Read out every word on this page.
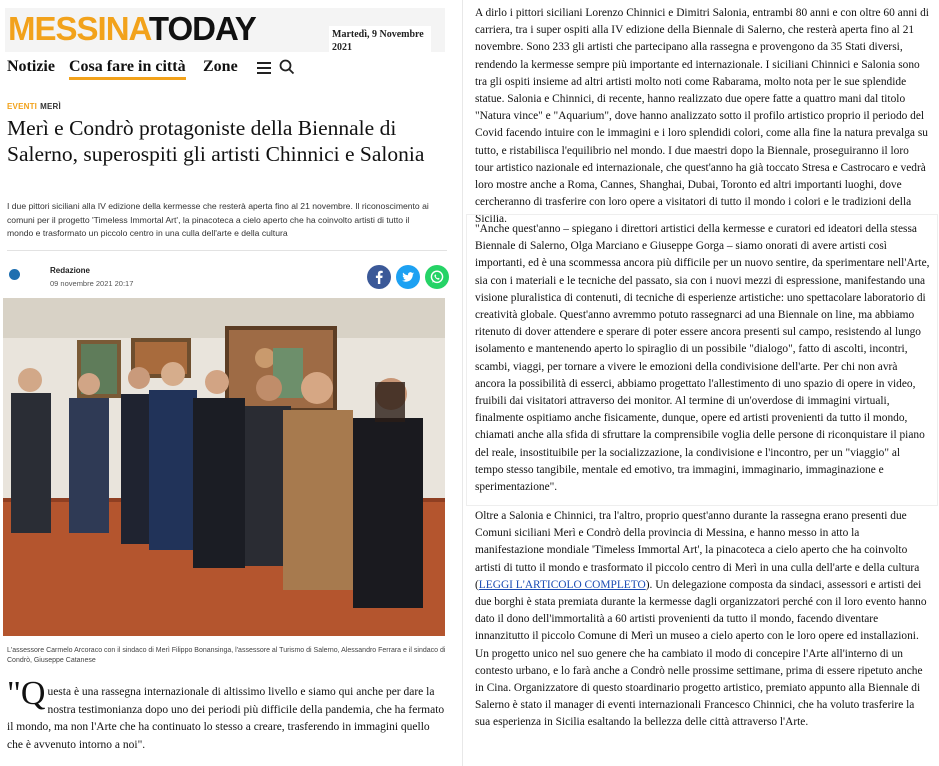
MESSINATODAY	Martedì, 9 Novembre
2021
Notizie Cosa fare in città Zone
EVENTI MERÌ
Merì e Condrò protagoniste della Biennale di Salerno, superospiti gli artisti Chinnici e Salonia
I due pittori siciliani alla IV edizione della kermesse che resterà aperta fino al 21 novembre. Il riconoscimento ai comuni per il progetto 'Timeless Immortal Art', la pinacoteca a cielo aperto che ha coinvolto artisti di tutto il mondo e trasformato un piccolo centro in una culla dell'arte e della cultura
Redazione
09 novembre 2021 20:17
L'assessore Carmelo Arcoraco con il sindaco di Merì Filippo Bonansinga, l'assessore al Turismo di Salerno, Alessandro Ferrara e il sindaco di Condrò, Giuseppe Catanese
"Questa è una rassegna internazionale di altissimo livello e siamo qui anche per dare la nostra testimonianza dopo uno dei periodi più difficile della pandemia, che ha fermato il mondo, ma non l'Arte che ha continuato lo stesso a creare, trasferendo in immagini quello che è avvenuto intorno a noi".

A dirlo i pittori siciliani Lorenzo Chinnici e Dimitri Salonia, entrambi 80 anni e con oltre 60 anni di carriera, tra i super ospiti alla IV edizione della Biennale di Salerno, che resterà aperta fino al 21 novembre. Sono 233 gli artisti che partecipano alla rassegna e provengono da 35 Stati diversi, rendendo la kermesse sempre più importante ed internazionale. I siciliani Chinnici e Salonia sono tra gli ospiti insieme ad altri artisti molto noti come Rabarama, molto nota per le sue splendide statue. Salonia e Chinnici, di recente, hanno realizzato due opere fatte a quattro mani dal titolo "Natura vince" e "Aquarium", dove hanno analizzato sotto il profilo artistico proprio il periodo del Covid facendo intuire con le immagini e i loro splendidi colori, come alla fine la natura prevalga su tutto, e ristabilisca l'equilibrio nel mondo. I due maestri dopo la Biennale, proseguiranno il loro tour artistico nazionale ed internazionale, che quest'anno ha già toccato Stresa e Castrocaro e vedrà loro mostre anche a Roma, Cannes, Shanghai, Dubai, Toronto ed altri importanti luoghi, dove cercheranno di trasferire con loro opere a visitatori di tutto il mondo i colori e le tradizioni della Sicilia.

"Anche quest'anno – spiegano i direttori artistici della kermesse e curatori ed ideatori della stessa Biennale di Salerno, Olga Marciano e Giuseppe Gorga – siamo onorati di avere artisti così importanti, ed è una scommessa ancora più difficile per un nuovo sentire, da sperimentare nell'Arte, sia con i materiali e le tecniche del passato, sia con i nuovi mezzi di espressione, manifestando una visione pluralistica di contenuti, di tecniche di esperienze artistiche: uno spettacolare laboratorio di creatività globale. Quest'anno avremmo potuto rassegnarci ad una Biennale on line, ma abbiamo ritenuto di dover attendere e sperare di poter essere ancora presenti sul campo, resistendo al lungo isolamento e mantenendo aperto lo spiraglio di un possibile "dialogo", fatto di ascolti, incontri, scambi, viaggi, per tornare a vivere le emozioni della condivisione dell'arte. Per chi non avrà ancora la possibilità di esserci, abbiamo progettato l'allestimento di uno spazio di opere in video, fruibili dai visitatori attraverso dei monitor. Al termine di un'overdose di immagini virtuali, finalmente ospitiamo anche fisicamente, dunque, opere ed artisti provenienti da tutto il mondo, chiamati anche alla sfida di sfruttare la comprensibile voglia delle persone di riconquistare il piano del reale, insostituibile per la socializzazione, la condivisione e l'incontro, per un "viaggio" al tempo stesso tangibile, mentale ed emotivo, tra immagini, immaginario, immaginazione e sperimentazione".

Oltre a Salonia e Chinnici, tra l'altro, proprio quest'anno durante la rassegna erano presenti due Comuni siciliani Merì e Condrò della provincia di Messina, e hanno messo in atto la manifestazione mondiale 'Timeless Immortal Art', la pinacoteca a cielo aperto che ha coinvolto artisti di tutto il mondo e trasformato il piccolo centro di Merì in una culla dell'arte e della cultura (LEGGI L'ARTICOLO COMPLETO). Un delegazione composta da sindaci, assessori e artisti dei due borghi è stata premiata durante la kermesse dagli organizzatori perché con il loro evento hanno dato il dono dell'immortalità a 60 artisti provenienti da tutto il mondo, facendo diventare innanzitutto il piccolo Comune di Merì un museo a cielo aperto con le loro opere ed installazioni. Un progetto unico nel suo genere che ha cambiato il modo di concepire l'Arte all'interno di un contesto urbano, e lo farà anche a Condrò nelle prossime settimane, prima di essere ripetuto anche in Cina. Organizzatore di questo stoardinario progetto artistico, premiato appunto alla Biennale di Salerno è stato il manager di eventi internazionali Francesco Chinnici, che ha voluto trasferire la sua esperienza in Sicilia esaltando la bellezza delle città attraverso l'Arte.
